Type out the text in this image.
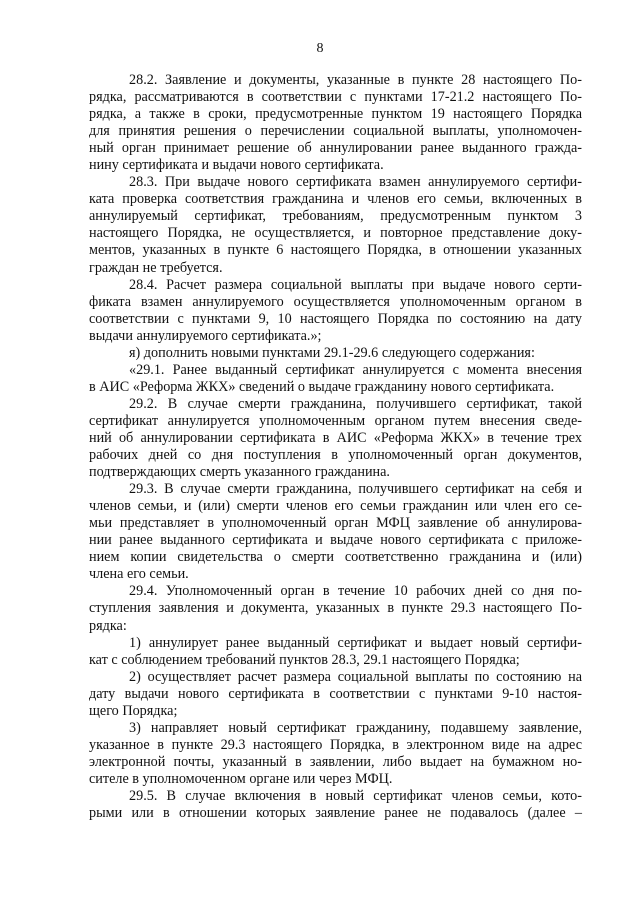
8
28.2. Заявление и документы, указанные в пункте 28 настоящего По-
рядка, рассматриваются в соответствии с пунктами 17-21.2 настоящего По-
рядка, а также в сроки, предусмотренные пунктом 19 настоящего Порядка
для принятия решения о перечислении социальной выплаты, уполномочен-
ный орган принимает решение об аннулировании ранее выданного гражда-
нину сертификата и выдачи нового сертификата.
28.3. При выдаче нового сертификата взамен аннулируемого сертифи-
ката проверка соответствия гражданина и членов его семьи, включенных в
аннулируемый сертификат, требованиям, предусмотренным пунктом 3
настоящего Порядка, не осуществляется, и повторное представление доку-
ментов, указанных в пункте 6 настоящего Порядка, в отношении указанных
граждан не требуется.
28.4. Расчет размера социальной выплаты при выдаче нового серти-
фиката взамен аннулируемого осуществляется уполномоченным органом в
соответствии с пунктами 9, 10 настоящего Порядка по состоянию на дату
выдачи аннулируемого сертификата.»;
я) дополнить новыми пунктами 29.1-29.6 следующего содержания:
«29.1. Ранее выданный сертификат аннулируется с момента внесения
в АИС «Реформа ЖКХ» сведений о выдаче гражданину нового сертификата.
29.2. В случае смерти гражданина, получившего сертификат, такой
сертификат аннулируется уполномоченным органом путем внесения сведе-
ний об аннулировании сертификата в АИС «Реформа ЖКХ» в течение трех
рабочих дней со дня поступления в уполномоченный орган документов,
подтверждающих смерть указанного гражданина.
29.3. В случае смерти гражданина, получившего сертификат на себя и
членов семьи, и (или) смерти членов его семьи гражданин или член его се-
мьи представляет в уполномоченный орган МФЦ заявление об аннулирова-
нии ранее выданного сертификата и выдаче нового сертификата с приложе-
нием копии свидетельства о смерти соответственно гражданина и (или)
члена его семьи.
29.4. Уполномоченный орган в течение 10 рабочих дней со дня по-
ступления заявления и документа, указанных в пункте 29.3 настоящего По-
рядка:
1) аннулирует ранее выданный сертификат и выдает новый сертифи-
кат с соблюдением требований пунктов 28.3, 29.1 настоящего Порядка;
2) осуществляет расчет размера социальной выплаты по состоянию на
дату выдачи нового сертификата в соответствии с пунктами 9-10 настоя-
щего Порядка;
3) направляет новый сертификат гражданину, подавшему заявление,
указанное в пункте 29.3 настоящего Порядка, в электронном виде на адрес
электронной почты, указанный в заявлении, либо выдает на бумажном но-
сителе в уполномоченном органе или через МФЦ.
29.5. В случае включения в новый сертификат членов семьи, кото-
рыми или в отношении которых заявление ранее не подавалось (далее –
